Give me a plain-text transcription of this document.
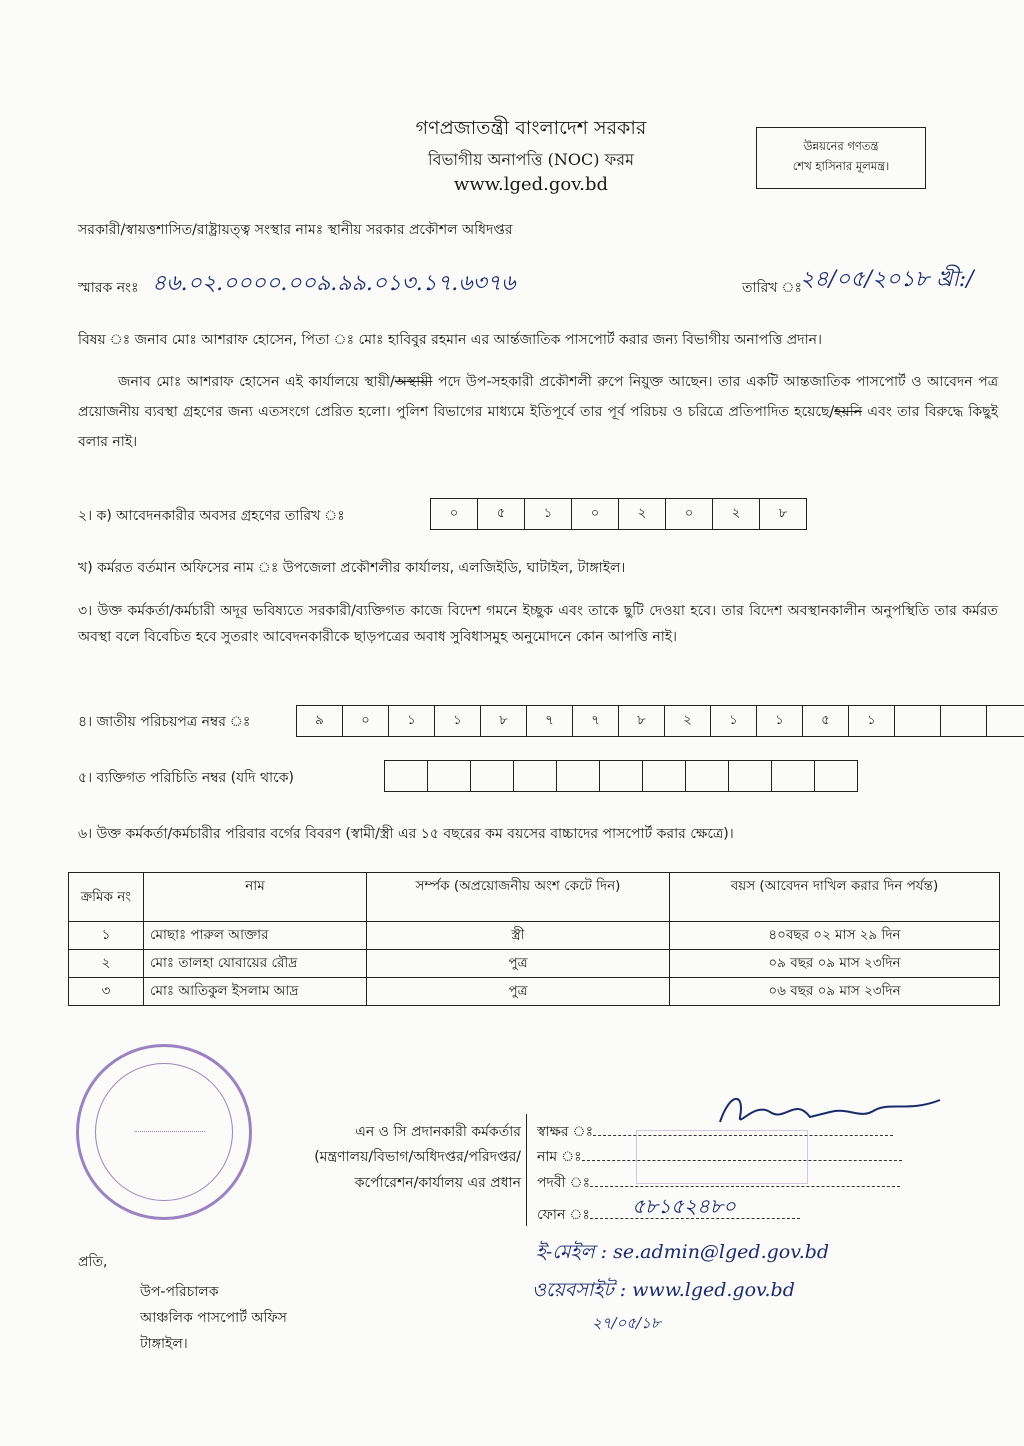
গণপ্রজাতন্ত্রী বাংলাদেশ সরকার
বিভাগীয় অনাপত্তি (NOC) ফরম
www.lged.gov.bd
উন্নয়নের গণতন্ত্র
শেখ হাসিনার মূলমন্ত্র।
সরকারী/স্বায়ত্তশাসিত/রাষ্ট্রায়ত্ত্ব সংস্থার নামঃ স্থানীয় সরকার প্রকৌশল অধিদপ্তর
স্মারক নংঃ ৪৬.০২.০০০০.০০৯.৯৯.০১৩.১৭.৬৩৭৬	তারিখ ঃ
২৪/০৫/২০১৮ খ্রী:/
বিষয় ঃ জনাব মোঃ আশরাফ হোসেন, পিতা ঃ মোঃ হাবিবুর রহমান এর আর্ন্তজাতিক পাসপোর্ট করার জন্য বিভাগীয় অনাপত্তি প্রদান।
জনাব মোঃ আশরাফ হোসেন এই কার্যালয়ে স্থায়ী/অস্থায়ী পদে উপ-সহকারী প্রকৌশলী রুপে নিয়ুক্ত আছেন। তার একটি আন্তজাতিক পাসপোর্ট ও আবেদন পত্র প্রয়োজনীয় ব্যবস্থা গ্রহণের জন্য এতসংগে প্রেরিত হলো। পুলিশ বিভাগের মাধ্যমে ইতিপূর্বে তার পূর্ব পরিচয় ও চরিত্রে প্রতিপাদিত হয়েছে/হয়নি এবং তার বিরুদ্ধে কিছুই বলার নাই।
২। ক) আবেদনকারীর অবসর গ্রহণের তারিখ ঃ	০	৫	১	০	২	০	২	৮
খ) কর্মরত বর্তমান অফিসের নাম ঃ উপজেলা প্রকৌশলীর কার্যালয়, এলজিইডি, ঘাটাইল, টাঙ্গাইল।
৩। উক্ত কর্মকর্তা/কর্মচারী অদূর ভবিষ্যতে সরকারী/ব্যক্তিগত কাজে বিদেশ গমনে ইচ্ছুক এবং তাকে ছুটি দেওয়া হবে। তার বিদেশ অবস্থানকালীন অনুপস্থিতি তার কর্মরত অবস্থা বলে বিবেচিত হবে সুতরাং আবেদনকারীকে ছাড়পত্রের অবাধ সুবিধাসমুহ অনুমোদনে কোন আপত্তি নাই।
৪। জাতীয় পরিচয়পত্র নম্বর ঃ	৯	০	১	১	৮	৭	৭	৮	২	১	১	৫	১
৫। ব্যক্তিগত পরিচিতি নম্বর (যদি থাকে)
৬। উক্ত কর্মকর্তা/কর্মচারীর পরিবার বর্গের বিবরণ (স্বামী/স্ত্রী এর ১৫ বছরের কম বয়সের বাচ্চাদের পাসপোর্ট করার ক্ষেত্রে)।
ক্রমিক নং	নাম	সর্ম্পক (অপ্রয়োজনীয় অংশ কেটে দিন)	বয়স (আবেদন দাখিল করার দিন পর্যন্ত)
১	মোছাঃ পারুল আক্তার	স্ত্রী	৪০বছর ০২ মাস ২৯ দিন
২	মোঃ তালহা যোবায়ের রৌদ্র	পুত্র	০৯ বছর ০৯ মাস ২৩দিন
৩	মোঃ আতিকুল ইসলাম আদ্র	পুত্র	০৬ বছর ০৯ মাস ২৩দিন
এন ও সি প্রদানকারী কর্মকর্তার
(মন্ত্রণালয়/বিভাগ/অধিদপ্তর/পরিদপ্তর/
কর্পোরেশন/কার্যালয় এর প্রধান
স্বাক্ষর ঃ
নাম ঃ
পদবী ঃ
ফোন ঃ	৫৮১৫২৪৮০
ই-মেইল : se.admin@lged.gov.bd
ওয়েবসাইট : www.lged.gov.bd
২৭/০৫/১৮
প্রতি,
উপ-পরিচালক
আঞ্চলিক পাসপোর্ট অফিস
টাঙ্গাইল।
